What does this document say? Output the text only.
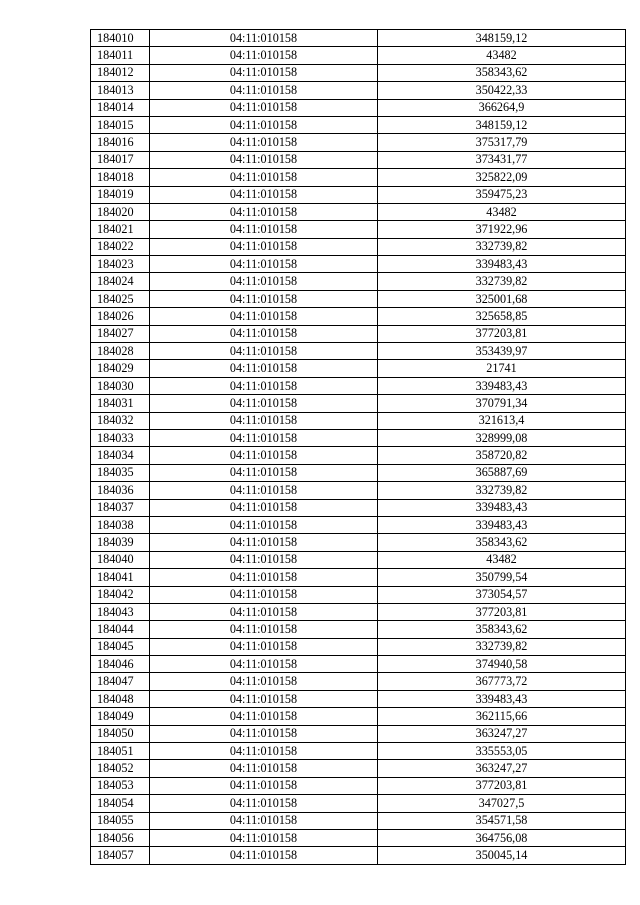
184010	04:11:010158	348159,12
184011	04:11:010158	43482
184012	04:11:010158	358343,62
184013	04:11:010158	350422,33
184014	04:11:010158	366264,9
184015	04:11:010158	348159,12
184016	04:11:010158	375317,79
184017	04:11:010158	373431,77
184018	04:11:010158	325822,09
184019	04:11:010158	359475,23
184020	04:11:010158	43482
184021	04:11:010158	371922,96
184022	04:11:010158	332739,82
184023	04:11:010158	339483,43
184024	04:11:010158	332739,82
184025	04:11:010158	325001,68
184026	04:11:010158	325658,85
184027	04:11:010158	377203,81
184028	04:11:010158	353439,97
184029	04:11:010158	21741
184030	04:11:010158	339483,43
184031	04:11:010158	370791,34
184032	04:11:010158	321613,4
184033	04:11:010158	328999,08
184034	04:11:010158	358720,82
184035	04:11:010158	365887,69
184036	04:11:010158	332739,82
184037	04:11:010158	339483,43
184038	04:11:010158	339483,43
184039	04:11:010158	358343,62
184040	04:11:010158	43482
184041	04:11:010158	350799,54
184042	04:11:010158	373054,57
184043	04:11:010158	377203,81
184044	04:11:010158	358343,62
184045	04:11:010158	332739,82
184046	04:11:010158	374940,58
184047	04:11:010158	367773,72
184048	04:11:010158	339483,43
184049	04:11:010158	362115,66
184050	04:11:010158	363247,27
184051	04:11:010158	335553,05
184052	04:11:010158	363247,27
184053	04:11:010158	377203,81
184054	04:11:010158	347027,5
184055	04:11:010158	354571,58
184056	04:11:010158	364756,08
184057	04:11:010158	350045,14
